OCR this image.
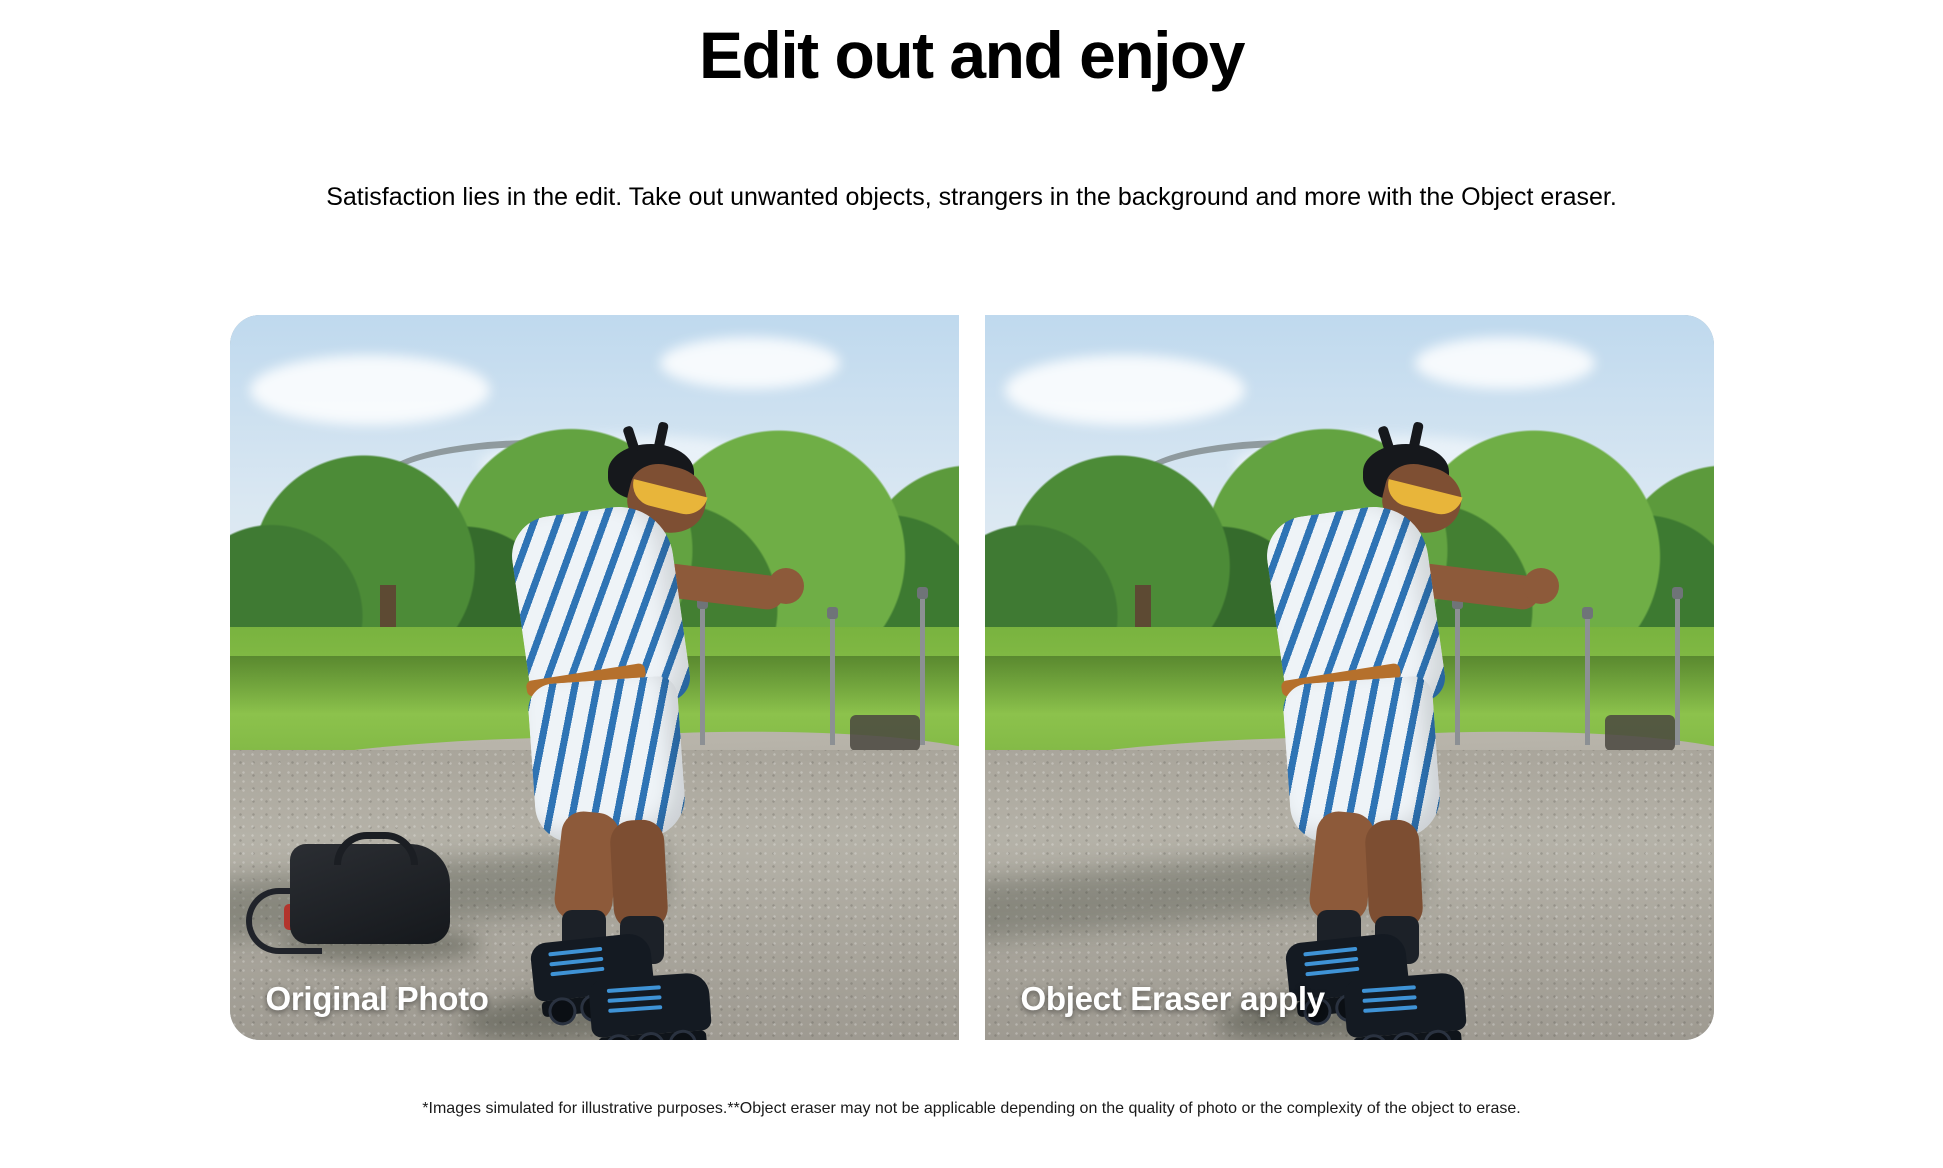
Edit out and enjoy

Satisfaction lies in the edit. Take out unwanted objects, strangers in the background and more with the Object eraser.

Original Photo	Object Eraser apply
*Images simulated for illustrative purposes.**Object eraser may not be applicable depending on the quality of photo or the complexity of the object to erase.
